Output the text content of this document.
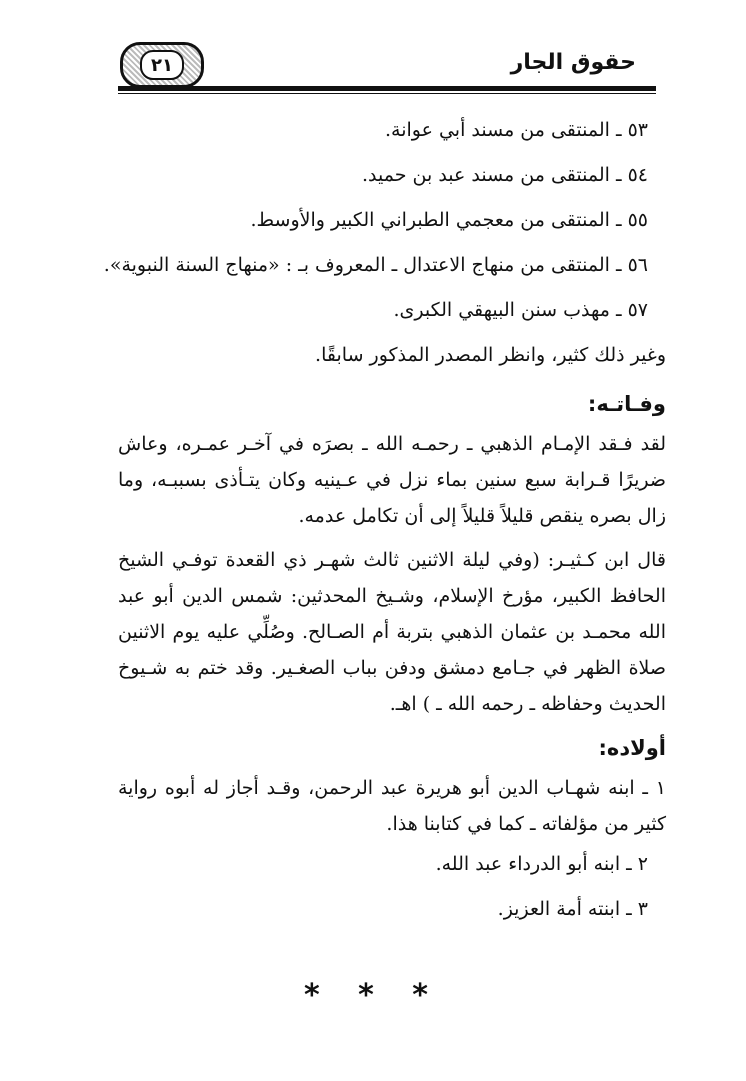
حقوق الجار
٢١
٥٣ ـ المنتقى من مسند أبي عوانة.
٥٤ ـ المنتقى من مسند عبد بن حميد.
٥٥ ـ المنتقى من معجمي الطبراني الكبير والأوسط.
٥٦ ـ المنتقى من منهاج الاعتدال ـ المعروف بـ : «منهاج السنة النبوية».
٥٧ ـ مهذب سنن البيهقي الكبرى.
وغير ذلك كثير، وانظر المصدر المذكور سابقًا.
وفـاتـه:

لقد فـقد الإمـام الذهبي ـ رحمـه الله ـ بصرَه في آخـر عمـره، وعاش ضريرًا قـرابة سبع سنين بماء نزل في عـينيه وكان يتـأذى بسببـه، وما زال بصره ينقص قليلاً قليلاً إلى أن تكامل عدمه.

قال ابن كـثيـر: (وفي ليلة الاثنين ثالث شهـر ذي القعدة توفـي الشيخ الحافظ الكبير، مؤرخ الإسلام، وشـيخ المحدثين: شمس الدين أبو عبد الله محمـد بن عثمان الذهبي بتربة أم الصـالح. وصُلِّي عليه يوم الاثنين صلاة الظهر في جـامع دمشق ودفن بباب الصغـير. وقد ختم به شـيوخ الحديث وحفاظه ـ رحمه الله ـ ) اهـ.

أولاده:

١ ـ ابنه شهـاب الدين أبو هريرة عبد الرحمن، وقـد أجاز له أبوه رواية كثير من مؤلفاته ـ كما في كتابنا هذا.

٢ ـ ابنه أبو الدرداء عبد الله.
٣ ـ ابنته أمة العزيز.
* * *
